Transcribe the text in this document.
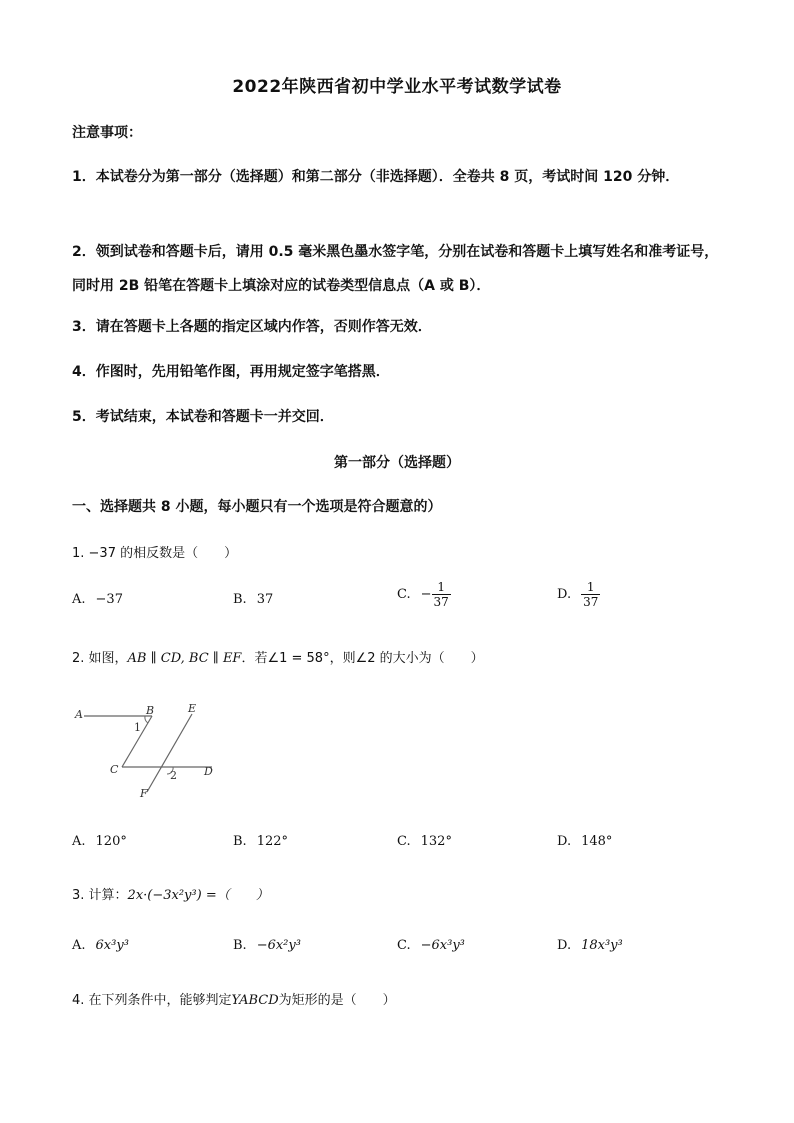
2022年陕西省初中学业水平考试数学试卷
注意事项：
1．本试卷分为第一部分（选择题）和第二部分（非选择题）．全卷共 8 页，考试时间 120 分钟．
2．领到试卷和答题卡后，请用 0.5 毫米黑色墨水签字笔，分别在试卷和答题卡上填写姓名和准考证号，同时用 2B 铅笔在答题卡上填涂对应的试卷类型信息点（A 或 B）．
3．请在答题卡上各题的指定区域内作答，否则作答无效．
4．作图时，先用铅笔作图，再用规定签字笔搭黑．
5．考试结束，本试卷和答题卡一并交回．
第一部分（选择题）
一、选择题共 8 小题，每小题只有一个选项是符合题意的）
1. −37 的相反数是（　　）
A. −37	B. 37	C. − $\frac{1}{37}$	D. $\frac{1}{37}$
2. 如图，AB ∥ CD, BC ∥ EF．若∠1 = 58°，则∠2 的大小为（　　）
A	B	E
C	D
F
1
2
A. 120°	B. 122°	C. 132°	D. 148°
3. 计算：2x·(−3x²y³) =（　　）
A. 6x³y³	B. −6x²y³	C. −6x³y³	D. 18x³y³
4. 在下列条件中，能够判定YABCD为矩形的是（　　）
